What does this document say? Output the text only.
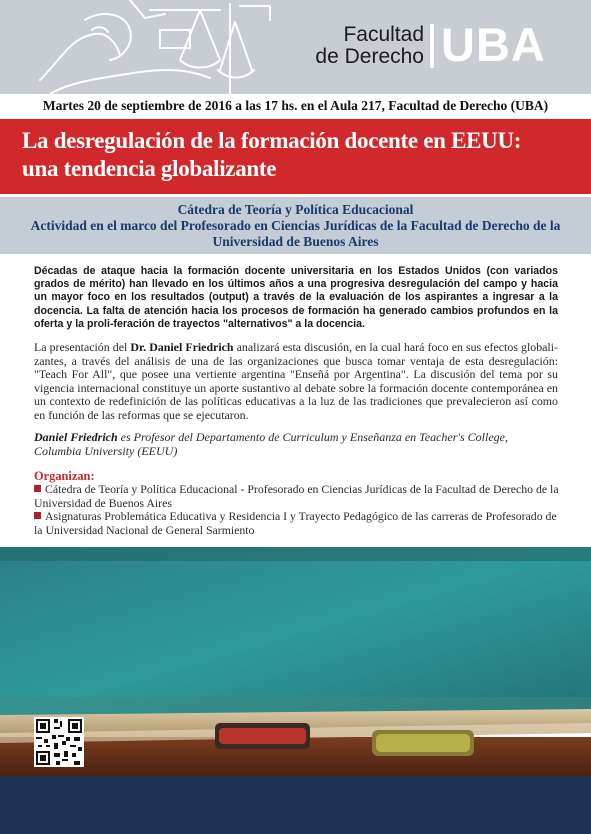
Facultad
de Derecho UBA
Martes 20 de septiembre de 2016 a las 17 hs. en el Aula 217, Facultad de Derecho (UBA)
La desregulación de la formación docente en EEUU:
una tendencia globalizante
Cátedra de Teoría y Política Educacional
Actividad en el marco del Profesorado en Ciencias Jurídicas de la Facultad de Derecho de la
Universidad de Buenos Aires

Décadas de ataque hacia la formación docente universitaria en los Estados Unidos (con variados grados de mérito) han llevado en los últimos años a una progresiva desregulación del campo y hacia un mayor foco en los resultados (output) a través de la evaluación de los aspirantes a ingresar a la docencia. La falta de atención hacia los procesos de formación ha generado cambios profundos en la oferta y la proli-feración de trayectos "alternativos" a la docencia.

La presentación del Dr. Daniel Friedrich analizará esta discusión, en la cual hará foco en sus efectos globali-zantes, a través del análisis de una de las organizaciones que busca tomar ventaja de esta desregulación: "Teach For All", que posee una vertiente argentina "Enseñá por Argentina". La discusión del tema por su vigencia internacional constituye un aporte sustantivo al debate sobre la formación docente contemporánea en un contexto de redefinición de las políticas educativas a la luz de las tradiciones que prevalecieron así como en función de las reformas que se ejecutaron.

Daniel Friedrich es Profesor del Departamento de Curriculum y Enseñanza en Teacher's College, Columbia University (EEUU)

Organizan:
Cátedra de Teoría y Política Educacional - Profesorado en Ciencias Jurídicas de la Facultad de Derecho de la Universidad de Buenos Aires
Asignaturas Problemática Educativa y Residencia I y Trayecto Pedagógico de las carreras de Profesorado de la Universidad Nacional de General Sarmiento
